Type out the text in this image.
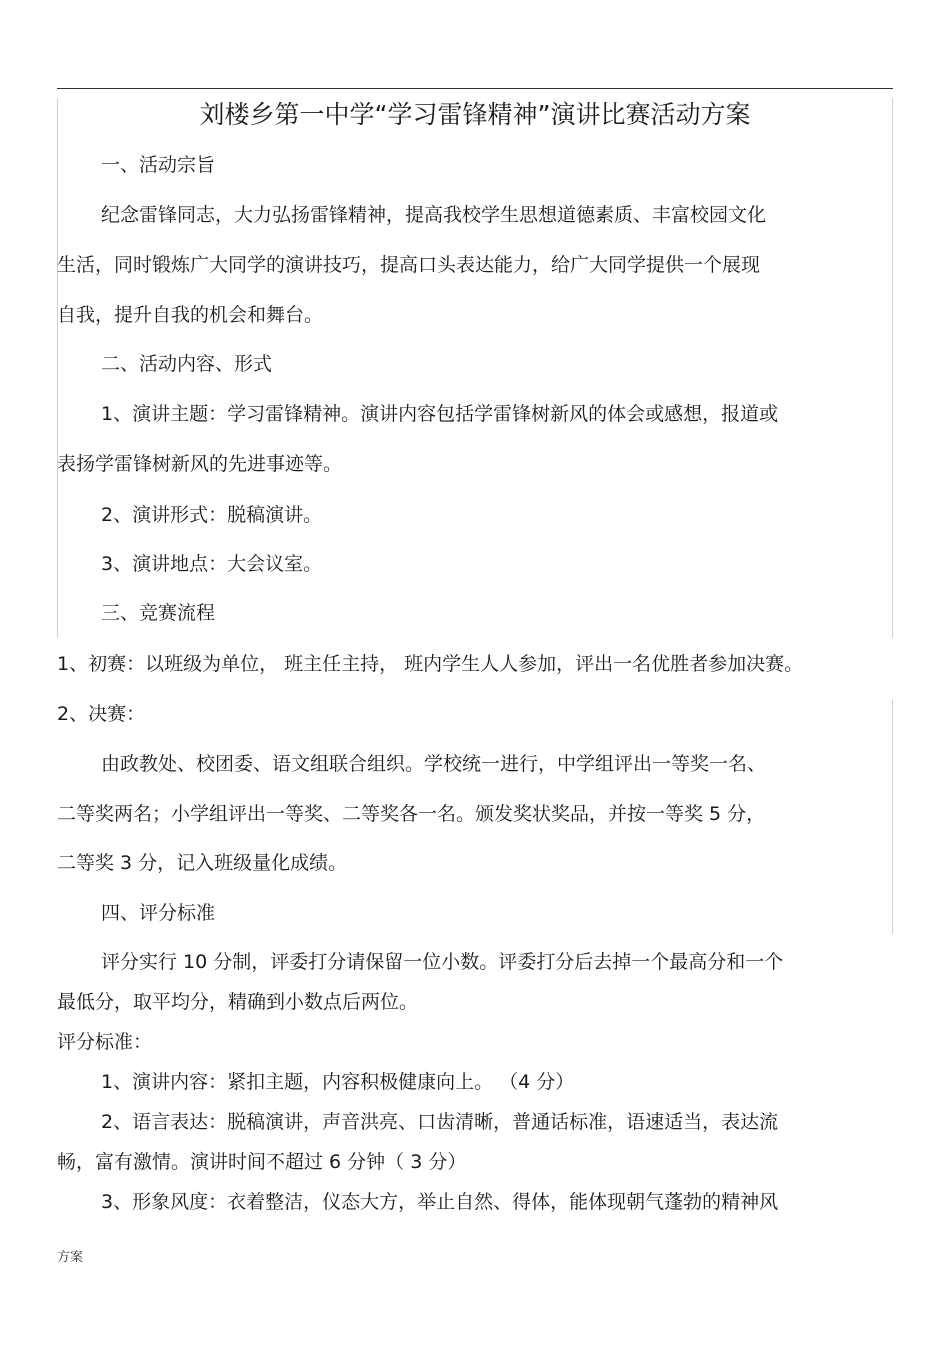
刘楼乡第一中学“学习雷锋精神”演讲比赛活动方案
一、活动宗旨
纪念雷锋同志，大力弘扬雷锋精神，提高我校学生思想道德素质、丰富校园文化
生活，同时锻炼广大同学的演讲技巧，提高口头表达能力，给广大同学提供一个展现
自我，提升自我的机会和舞台。
二、活动内容、形式
1、演讲主题：学习雷锋精神。演讲内容包括学雷锋树新风的体会或感想，报道或
表扬学雷锋树新风的先进事迹等。
2、演讲形式：脱稿演讲。
3、演讲地点：大会议室。
三、竞赛流程
1、初赛：以班级为单位， 班主任主持， 班内学生人人参加，评出一名优胜者参加决赛。
2、决赛：
由政教处、校团委、语文组联合组织。学校统一进行，中学组评出一等奖一名、
二等奖两名；小学组评出一等奖、二等奖各一名。颁发奖状奖品，并按一等奖 5 分，
二等奖 3 分，记入班级量化成绩。
四、评分标准
评分实行 10 分制，评委打分请保留一位小数。评委打分后去掉一个最高分和一个
最低分，取平均分，精确到小数点后两位。
评分标准：
1、演讲内容：紧扣主题，内容积极健康向上。 （4 分）
2、语言表达：脱稿演讲，声音洪亮、口齿清晰，普通话标准，语速适当，表达流
畅，富有激情。演讲时间不超过 6 分钟（ 3 分）
3、形象风度：衣着整洁，仪态大方，举止自然、得体，能体现朝气蓬勃的精神风
方案
